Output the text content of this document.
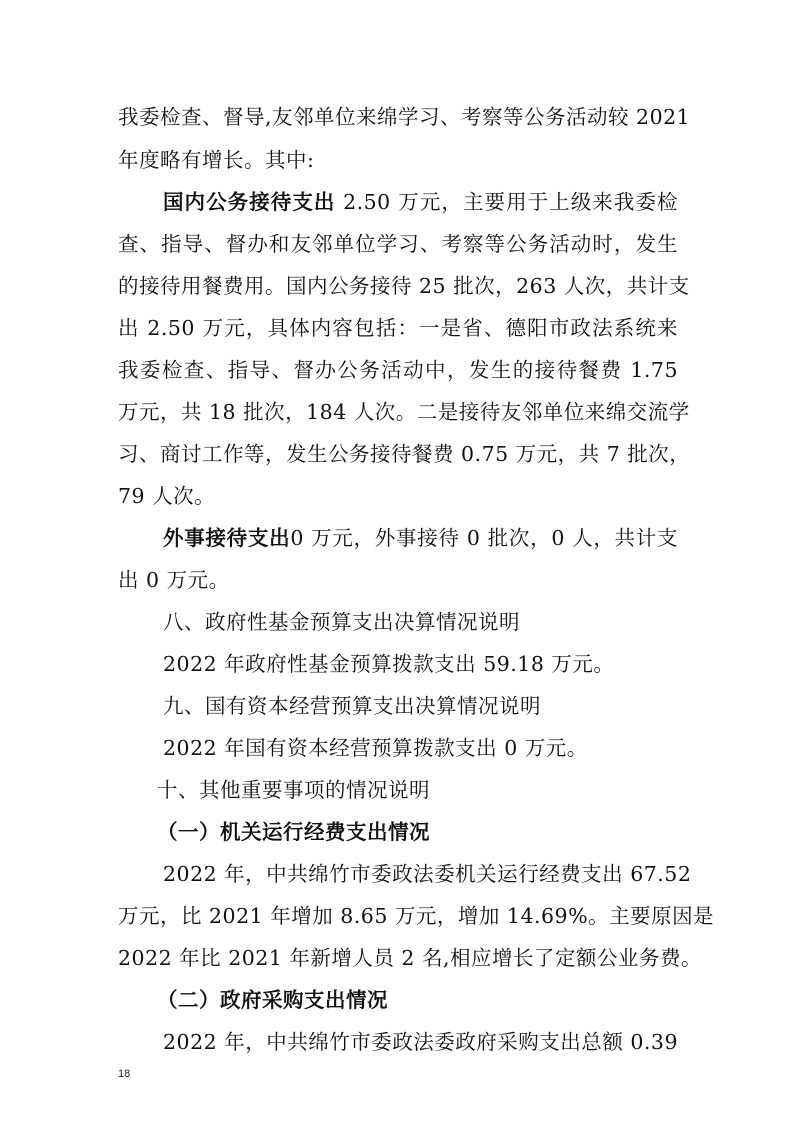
我委检查、督导,友邻单位来绵学习、考察等公务活动较 2021
年度略有增长。其中:
国内公务接待支出 2.50 万元，主要用于上级来我委检
查、指导、督办和友邻单位学习、考察等公务活动时，发生
的接待用餐费用。国内公务接待 25 批次，263 人次，共计支
出 2.50 万元，具体内容包括：一是省、德阳市政法系统来
我委检查、指导、督办公务活动中，发生的接待餐费 1.75
万元，共 18 批次，184 人次。二是接待友邻单位来绵交流学
习、商讨工作等，发生公务接待餐费 0.75 万元，共 7 批次，
79 人次。
外事接待支出0 万元，外事接待 0 批次，0 人，共计支
出 0 万元。
八、政府性基金预算支出决算情况说明
2022 年政府性基金预算拨款支出 59.18 万元。
九、国有资本经营预算支出决算情况说明
2022 年国有资本经营预算拨款支出 0 万元。
十、其他重要事项的情况说明
（一）机关运行经费支出情况
2022 年，中共绵竹市委政法委机关运行经费支出 67.52
万元，比 2021 年增加 8.65 万元，增加 14.69%。主要原因是
2022 年比 2021 年新增人员 2 名,相应增长了定额公业务费。
（二）政府采购支出情况
2022 年，中共绵竹市委政法委政府采购支出总额 0.39
18
